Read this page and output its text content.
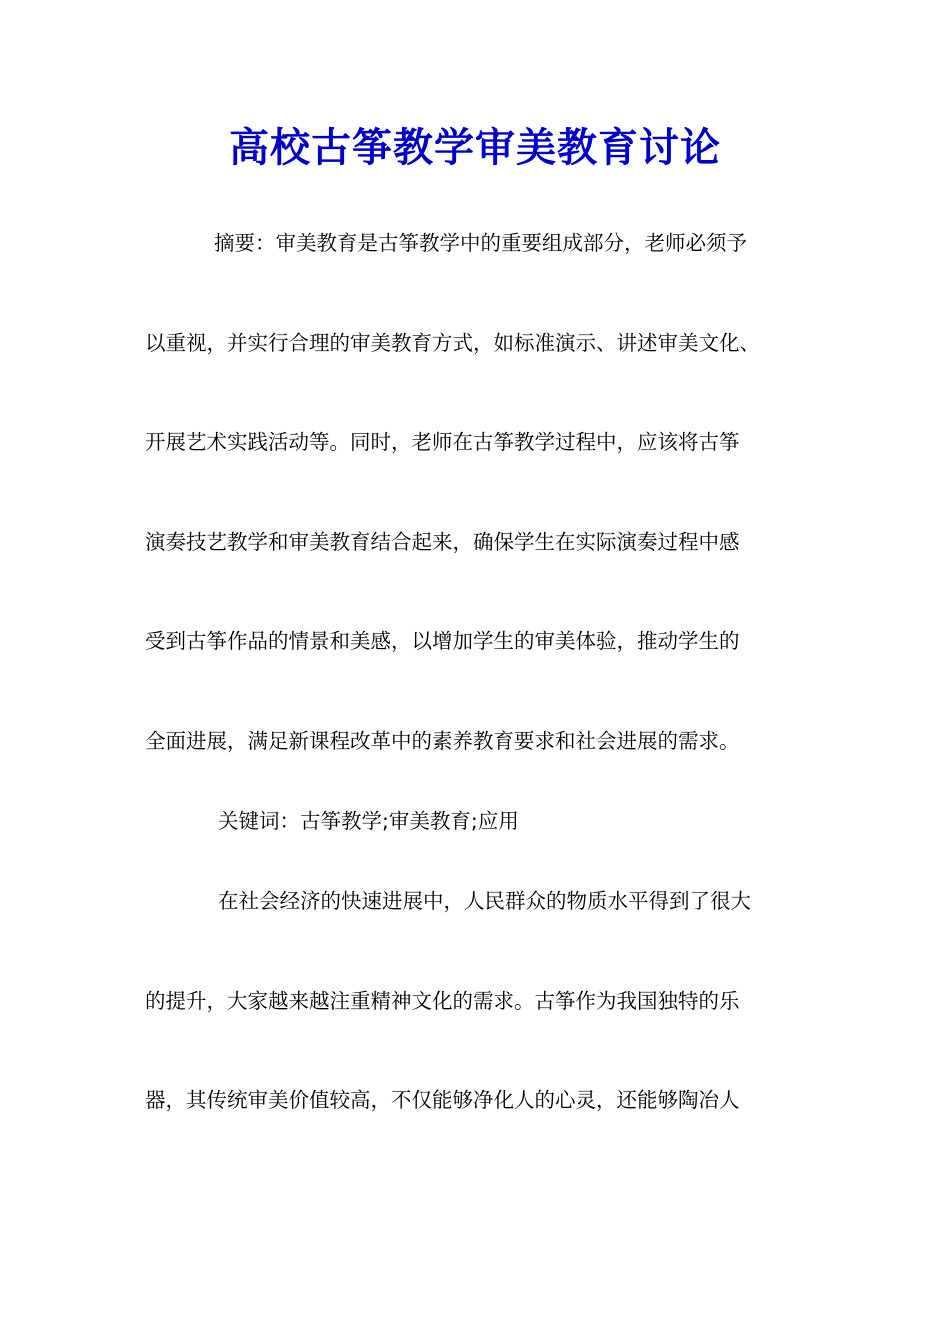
高校古筝教学审美教育讨论
摘要：审美教育是古筝教学中的重要组成部分，老师必须予
以重视，并实行合理的审美教育方式，如标准演示、讲述审美文化、
开展艺术实践活动等。同时，老师在古筝教学过程中，应该将古筝
演奏技艺教学和审美教育结合起来，确保学生在实际演奏过程中感
受到古筝作品的情景和美感，以增加学生的审美体验，推动学生的
全面进展，满足新课程改革中的素养教育要求和社会进展的需求。
关键词：古筝教学;审美教育;应用
在社会经济的快速进展中，人民群众的物质水平得到了很大
的提升，大家越来越注重精神文化的需求。古筝作为我国独特的乐
器，其传统审美价值较高，不仅能够净化人的心灵，还能够陶冶人
